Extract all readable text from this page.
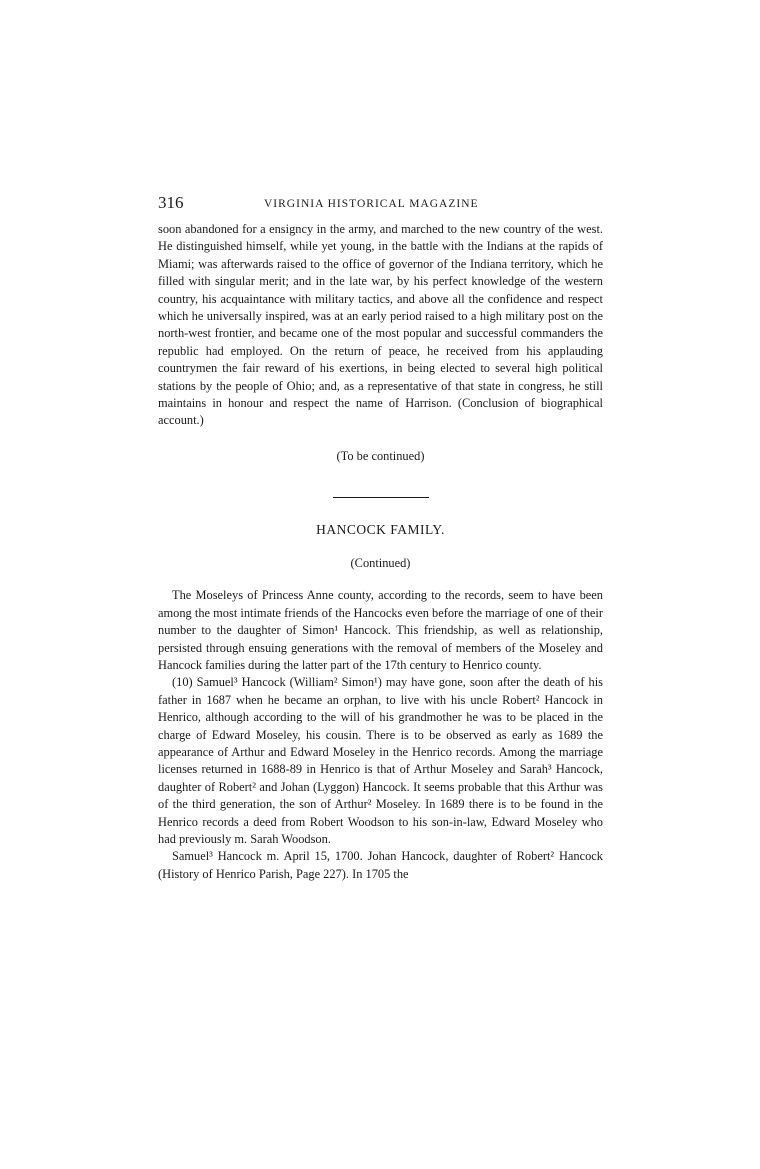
316	VIRGINIA HISTORICAL MAGAZINE

soon abandoned for a ensigncy in the army, and marched to the new country of the west. He distinguished himself, while yet young, in the battle with the Indians at the rapids of Miami; was afterwards raised to the office of governor of the Indiana territory, which he filled with singular merit; and in the late war, by his perfect knowledge of the western country, his acquaintance with military tactics, and above all the confidence and respect which he universally inspired, was at an early period raised to a high military post on the north-west frontier, and became one of the most popular and successful commanders the republic had employed. On the return of peace, he received from his applauding countrymen the fair reward of his exertions, in being elected to several high political stations by the people of Ohio; and, as a representative of that state in congress, he still maintains in honour and respect the name of Harrison. (Conclusion of biographical account.)

(To be continued)

HANCOCK FAMILY.

(Continued)

The Moseleys of Princess Anne county, according to the records, seem to have been among the most intimate friends of the Hancocks even before the marriage of one of their number to the daughter of Simon¹ Hancock. This friendship, as well as relationship, persisted through ensuing generations with the removal of members of the Moseley and Hancock families during the latter part of the 17th century to Henrico county.

(10) Samuel³ Hancock (William² Simon¹) may have gone, soon after the death of his father in 1687 when he became an orphan, to live with his uncle Robert² Hancock in Henrico, although according to the will of his grandmother he was to be placed in the charge of Edward Moseley, his cousin. There is to be observed as early as 1689 the appearance of Arthur and Edward Moseley in the Henrico records. Among the marriage licenses returned in 1688-89 in Henrico is that of Arthur Moseley and Sarah³ Hancock, daughter of Robert² and Johan (Lyggon) Hancock. It seems probable that this Arthur was of the third generation, the son of Arthur² Moseley. In 1689 there is to be found in the Henrico records a deed from Robert Woodson to his son-in-law, Edward Moseley who had previously m. Sarah Woodson.

Samuel³ Hancock m. April 15, 1700. Johan Hancock, daughter of Robert² Hancock (History of Henrico Parish, Page 227). In 1705 the
